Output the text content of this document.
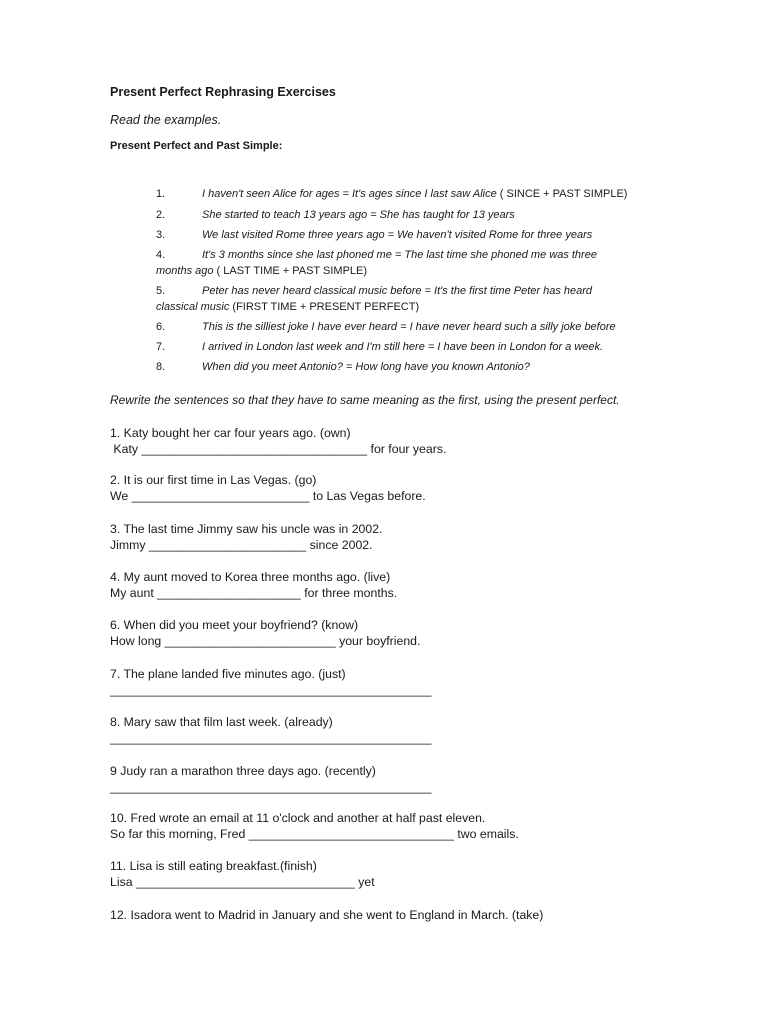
Present Perfect Rephrasing Exercises
Read the examples.
Present Perfect and Past Simple:
1.	I haven't seen Alice for ages = It's ages since I last saw Alice ( SINCE + PAST SIMPLE)
2.	She started to teach 13 years ago = She has taught for 13 years
3.	We last visited Rome three years ago = We haven't visited Rome for three years
4.	It's 3 months since she last phoned me = The last time she phoned me was three
months ago ( LAST TIME + PAST SIMPLE)
5.	Peter has never heard classical music before = It's the first time Peter has heard
classical music (FIRST TIME + PRESENT PERFECT)
6.	This is the silliest joke I have ever heard = I have never heard such a silly joke before
7.	I arrived in London last week and I'm still here = I have been in London for a week.
8.	When did you meet Antonio? = How long have you known Antonio?
Rewrite the sentences so that they have to same meaning as the first, using the present perfect.
1. Katy bought her car four years ago. (own)
Katy _________________________________ for four years.
2. It is our first time in Las Vegas. (go)
We __________________________ to Las Vegas before.
3. The last time Jimmy saw his uncle was in 2002.
Jimmy _______________________ since 2002.
4. My aunt moved to Korea three months ago. (live)
My aunt _____________________ for three months.
6. When did you meet your boyfriend? (know)
How long _________________________ your boyfriend.
7. The plane landed five minutes ago. (just)
_______________________________________________
8. Mary saw that film last week. (already)
_______________________________________________
9 Judy ran a marathon three days ago. (recently)
_______________________________________________
10. Fred wrote an email at 11 o'clock and another at half past eleven.
So far this morning, Fred ______________________________ two emails.
11. Lisa is still eating breakfast.(finish)
Lisa ________________________________ yet
12. Isadora went to Madrid in January and she went to England in March. (take)
